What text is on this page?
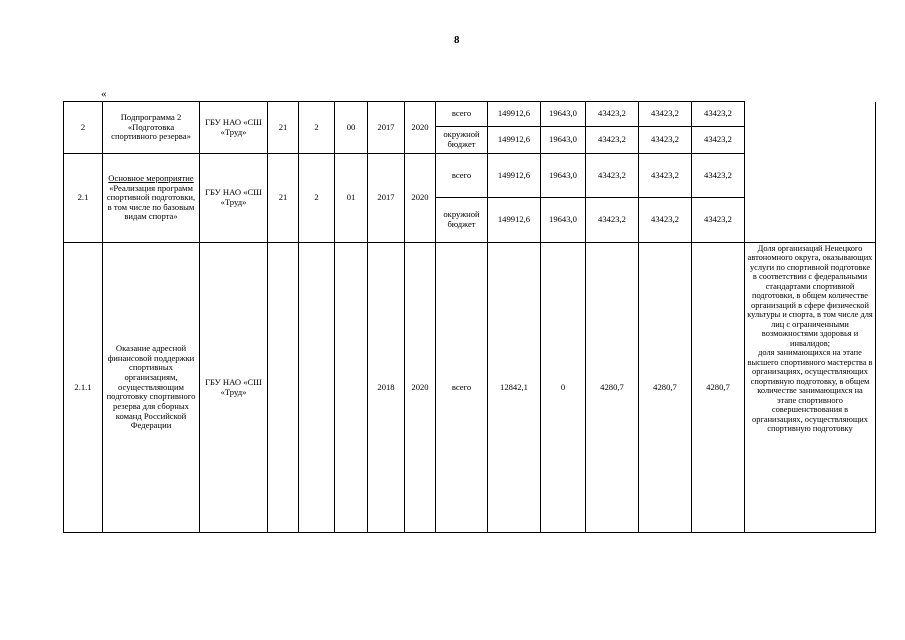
8
«
2	Подпрограмма 2 «Подготовка спортивного резерва»	ГБУ НАО «СШ «Труд»	21	2	00	2017	2020	всего	149912,6	19643,0	43423,2	43423,2	43423,2	
								окружной бюджет	149912,6	19643,0	43423,2	43423,2	43423,2	
2.1	Основное мероприятие «Реализация программ спортивной подготовки, в том числе по базовым видам спорта»	ГБУ НАО «СШ «Труд»	21	2	01	2017	2020	всего	149912,6	19643,0	43423,2	43423,2	43423,2	
								окружной бюджет	149912,6	19643,0	43423,2	43423,2	43423,2	
2.1.1	Оказание адресной финансовой поддержки спортивных организациям, осуществляющим подготовку спортивного резерва для сборных команд Российской Федерации	ГБУ НАО «СШ «Труд»				2018	2020	всего	12842,1	0	4280,7	4280,7	4280,7	Доля организаций Ненецкого автономного округа, оказывающих услуги по спортивной подготовке в соответствии с федеральными стандартами спортивной подготовки, в общем количестве организаций в сфере физической культуры и спорта, в том числе для лиц с ограниченными возможностями здоровья и инвалидов;
доля занимающихся на этапе высшего спортивного мастерства в организациях, осуществляющих спортивную подготовку, в общем количестве занимающихся на этапе спортивного совершенствования в организациях, осуществляющих спортивную подготовку
